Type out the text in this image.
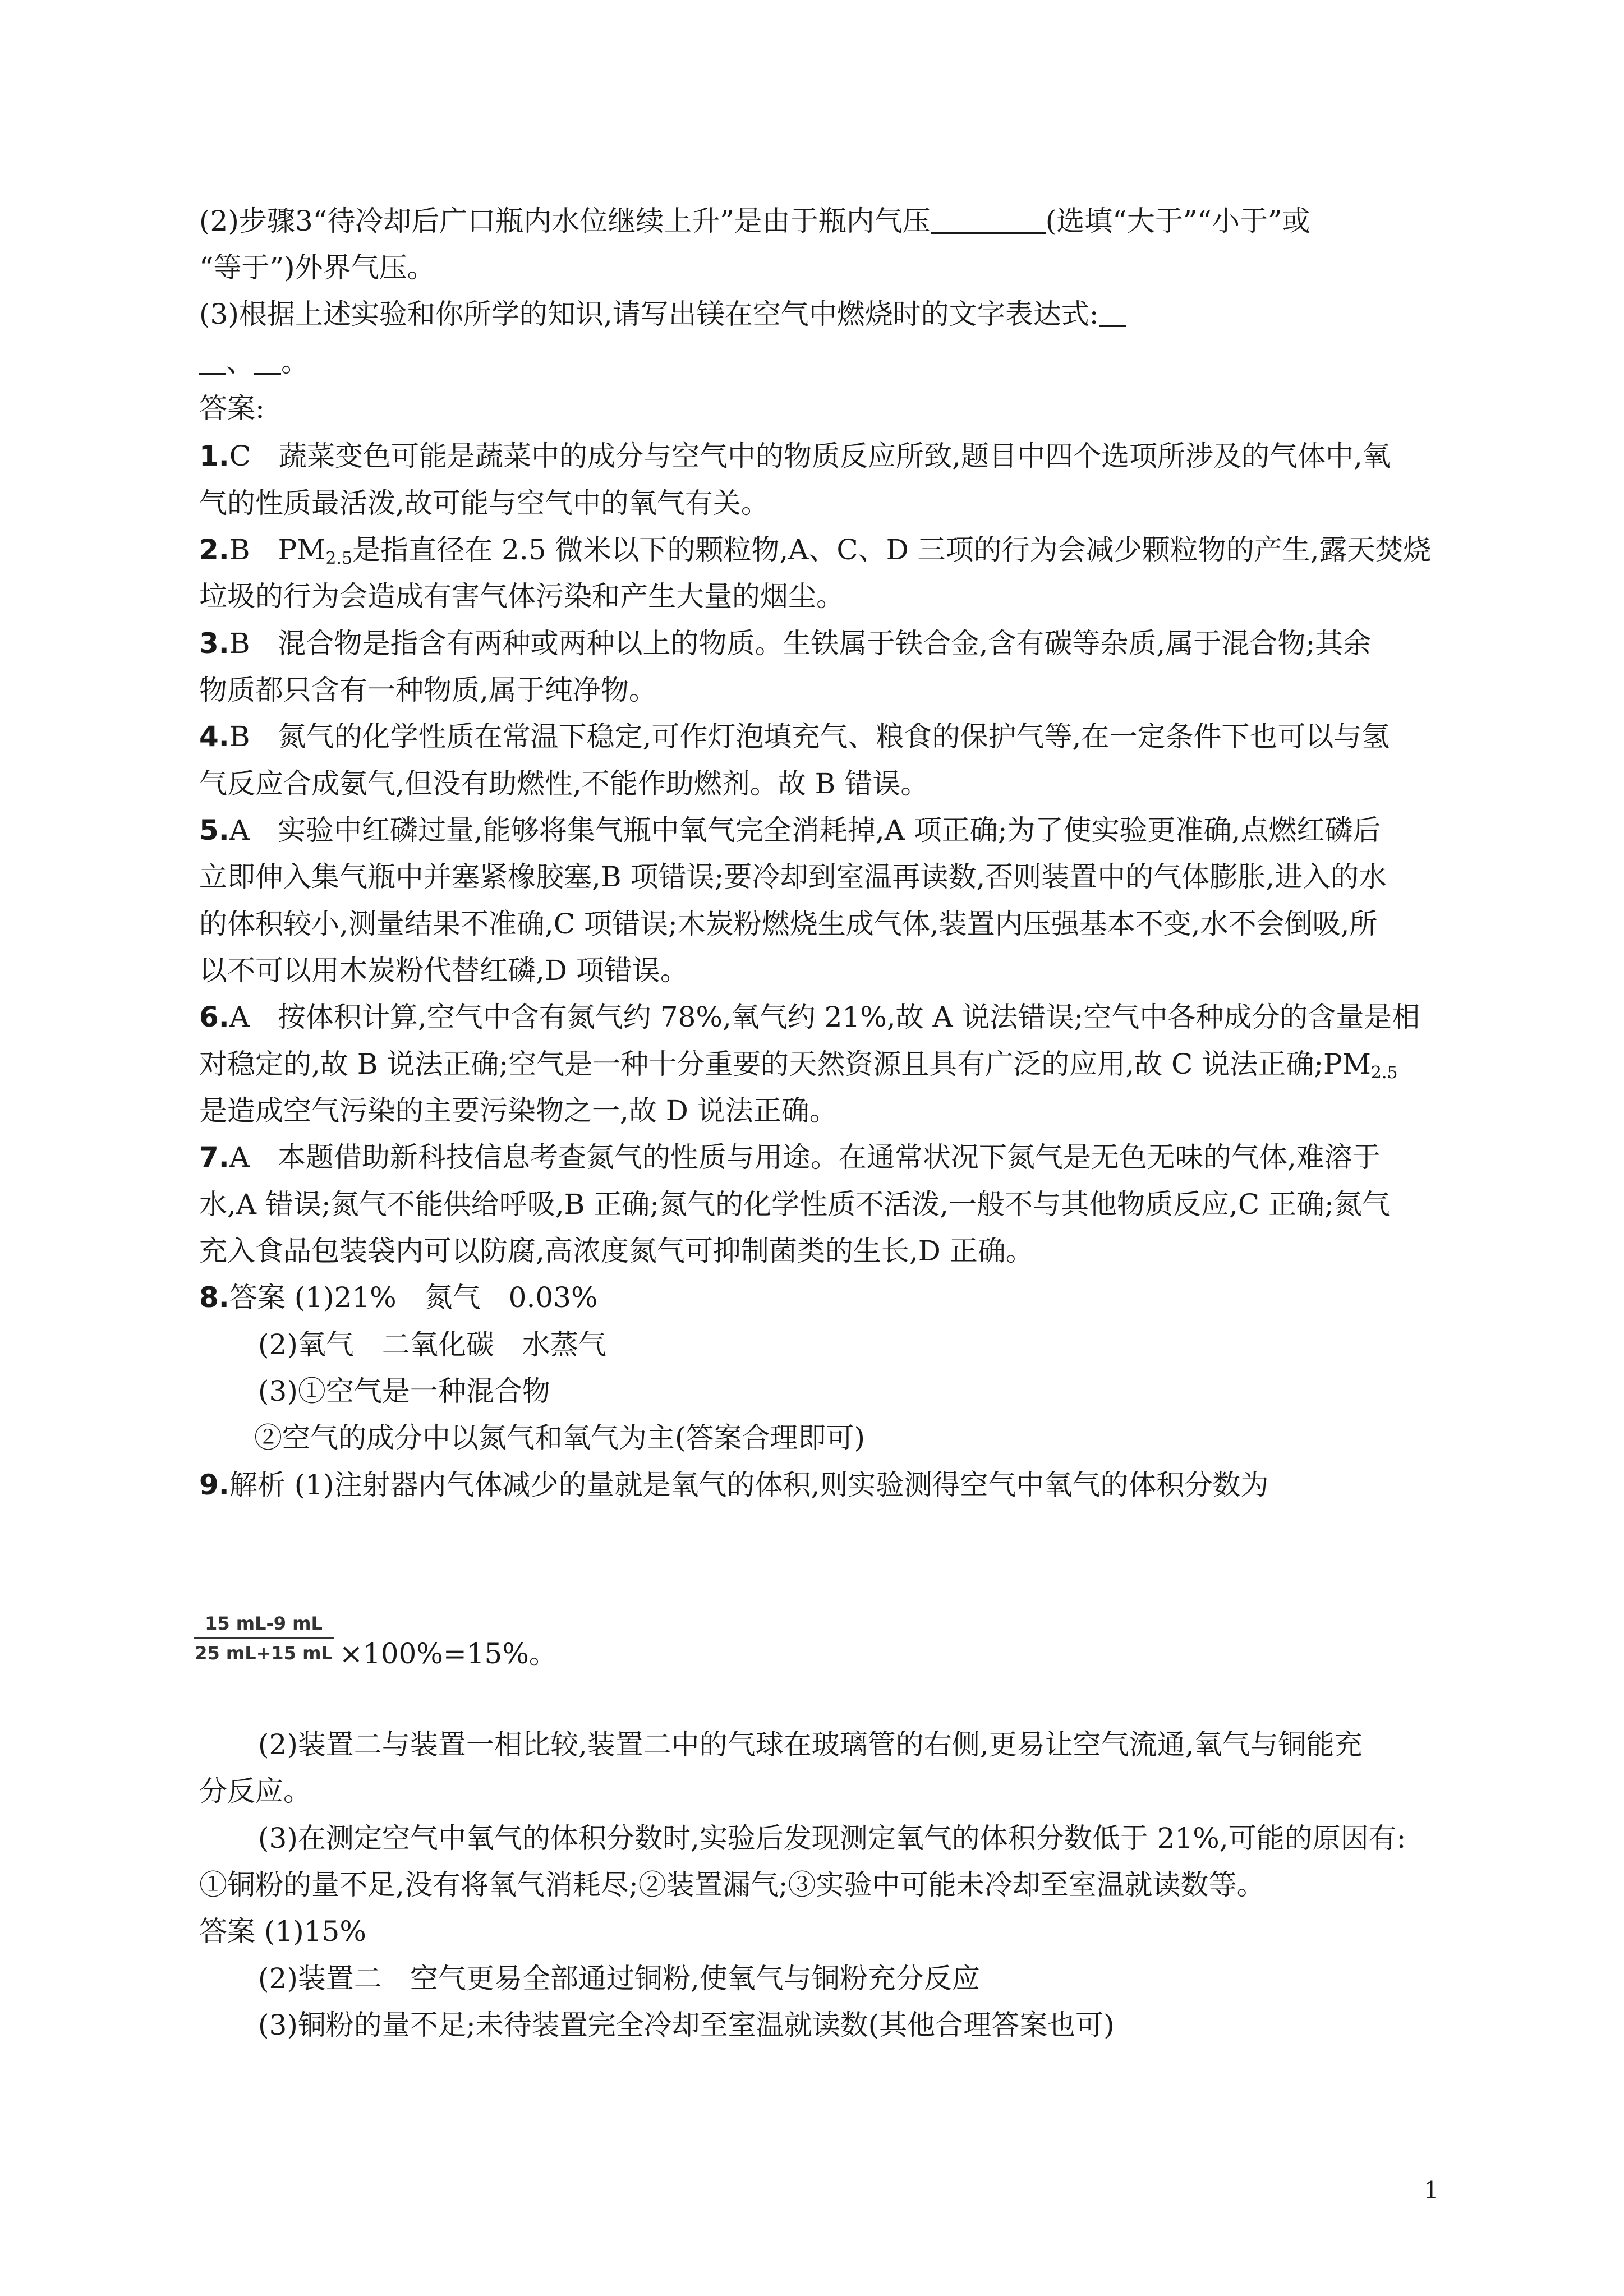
(2)步骤3“待冷却后广口瓶内水位继续上升”是由于瓶内气压	(选填“大于”“小于”或
“等于”)外界气压。
(3)根据上述实验和你所学的知识,请写出镁在空气中燃烧时的文字表达式:
、 。
答案:
1.C　蔬菜变色可能是蔬菜中的成分与空气中的物质反应所致,题目中四个选项所涉及的气体中,氧
气的性质最活泼,故可能与空气中的氧气有关。
2.B　$PM_{2.5}$是指直径在 2.5 微米以下的颗粒物,A、C、D 三项的行为会减少颗粒物的产生,露天焚烧
垃圾的行为会造成有害气体污染和产生大量的烟尘。
3.B　混合物是指含有两种或两种以上的物质。生铁属于铁合金,含有碳等杂质,属于混合物;其余
物质都只含有一种物质,属于纯净物。
4.B　氮气的化学性质在常温下稳定,可作灯泡填充气、粮食的保护气等,在一定条件下也可以与氢
气反应合成氨气,但没有助燃性,不能作助燃剂。故 B 错误。
5.A　实验中红磷过量,能够将集气瓶中氧气完全消耗掉,A 项正确;为了使实验更准确,点燃红磷后
立即伸入集气瓶中并塞紧橡胶塞,B 项错误;要冷却到室温再读数,否则装置中的气体膨胀,进入的水
的体积较小,测量结果不准确,C 项错误;木炭粉燃烧生成气体,装置内压强基本不变,水不会倒吸,所
以不可以用木炭粉代替红磷,D 项错误。
6.A　按体积计算,空气中含有氮气约 78%,氧气约 21%,故 A 说法错误;空气中各种成分的含量是相
对稳定的,故 B 说法正确;空气是一种十分重要的天然资源且具有广泛的应用,故 C 说法正确$;PM_{2.5}$
是造成空气污染的主要污染物之一,故 D 说法正确。
7.A　本题借助新科技信息考查氮气的性质与用途。在通常状况下氮气是无色无味的气体,难溶于
水,A 错误;氮气不能供给呼吸,B 正确;氮气的化学性质不活泼,一般不与其他物质反应,C 正确;氮气
充入食品包装袋内可以防腐,高浓度氮气可抑制菌类的生长,D 正确。
8.答案 (1)21%　氮气　0.03%
(2)氧气　二氧化碳　水蒸气
(3)①空气是一种混合物
②空气的成分中以氮气和氧气为主(答案合理即可)
9.解析 (1)注射器内气体减少的量就是氧气的体积,则实验测得空气中氧气的体积分数为
$\frac{15 mL-9 mL}{25 mL+15 mL} \times 100\%=15\%$。
(2)装置二与装置一相比较,装置二中的气球在玻璃管的右侧,更易让空气流通,氧气与铜能充
分反应。
(3)在测定空气中氧气的体积分数时,实验后发现测定氧气的体积分数低于 21%,可能的原因有:
①铜粉的量不足,没有将氧气消耗尽;②装置漏气;③实验中可能未冷却至室温就读数等。
答案 (1)15%
(2)装置二　空气更易全部通过铜粉,使氧气与铜粉充分反应
(3)铜粉的量不足;未待装置完全冷却至室温就读数(其他合理答案也可)
1
